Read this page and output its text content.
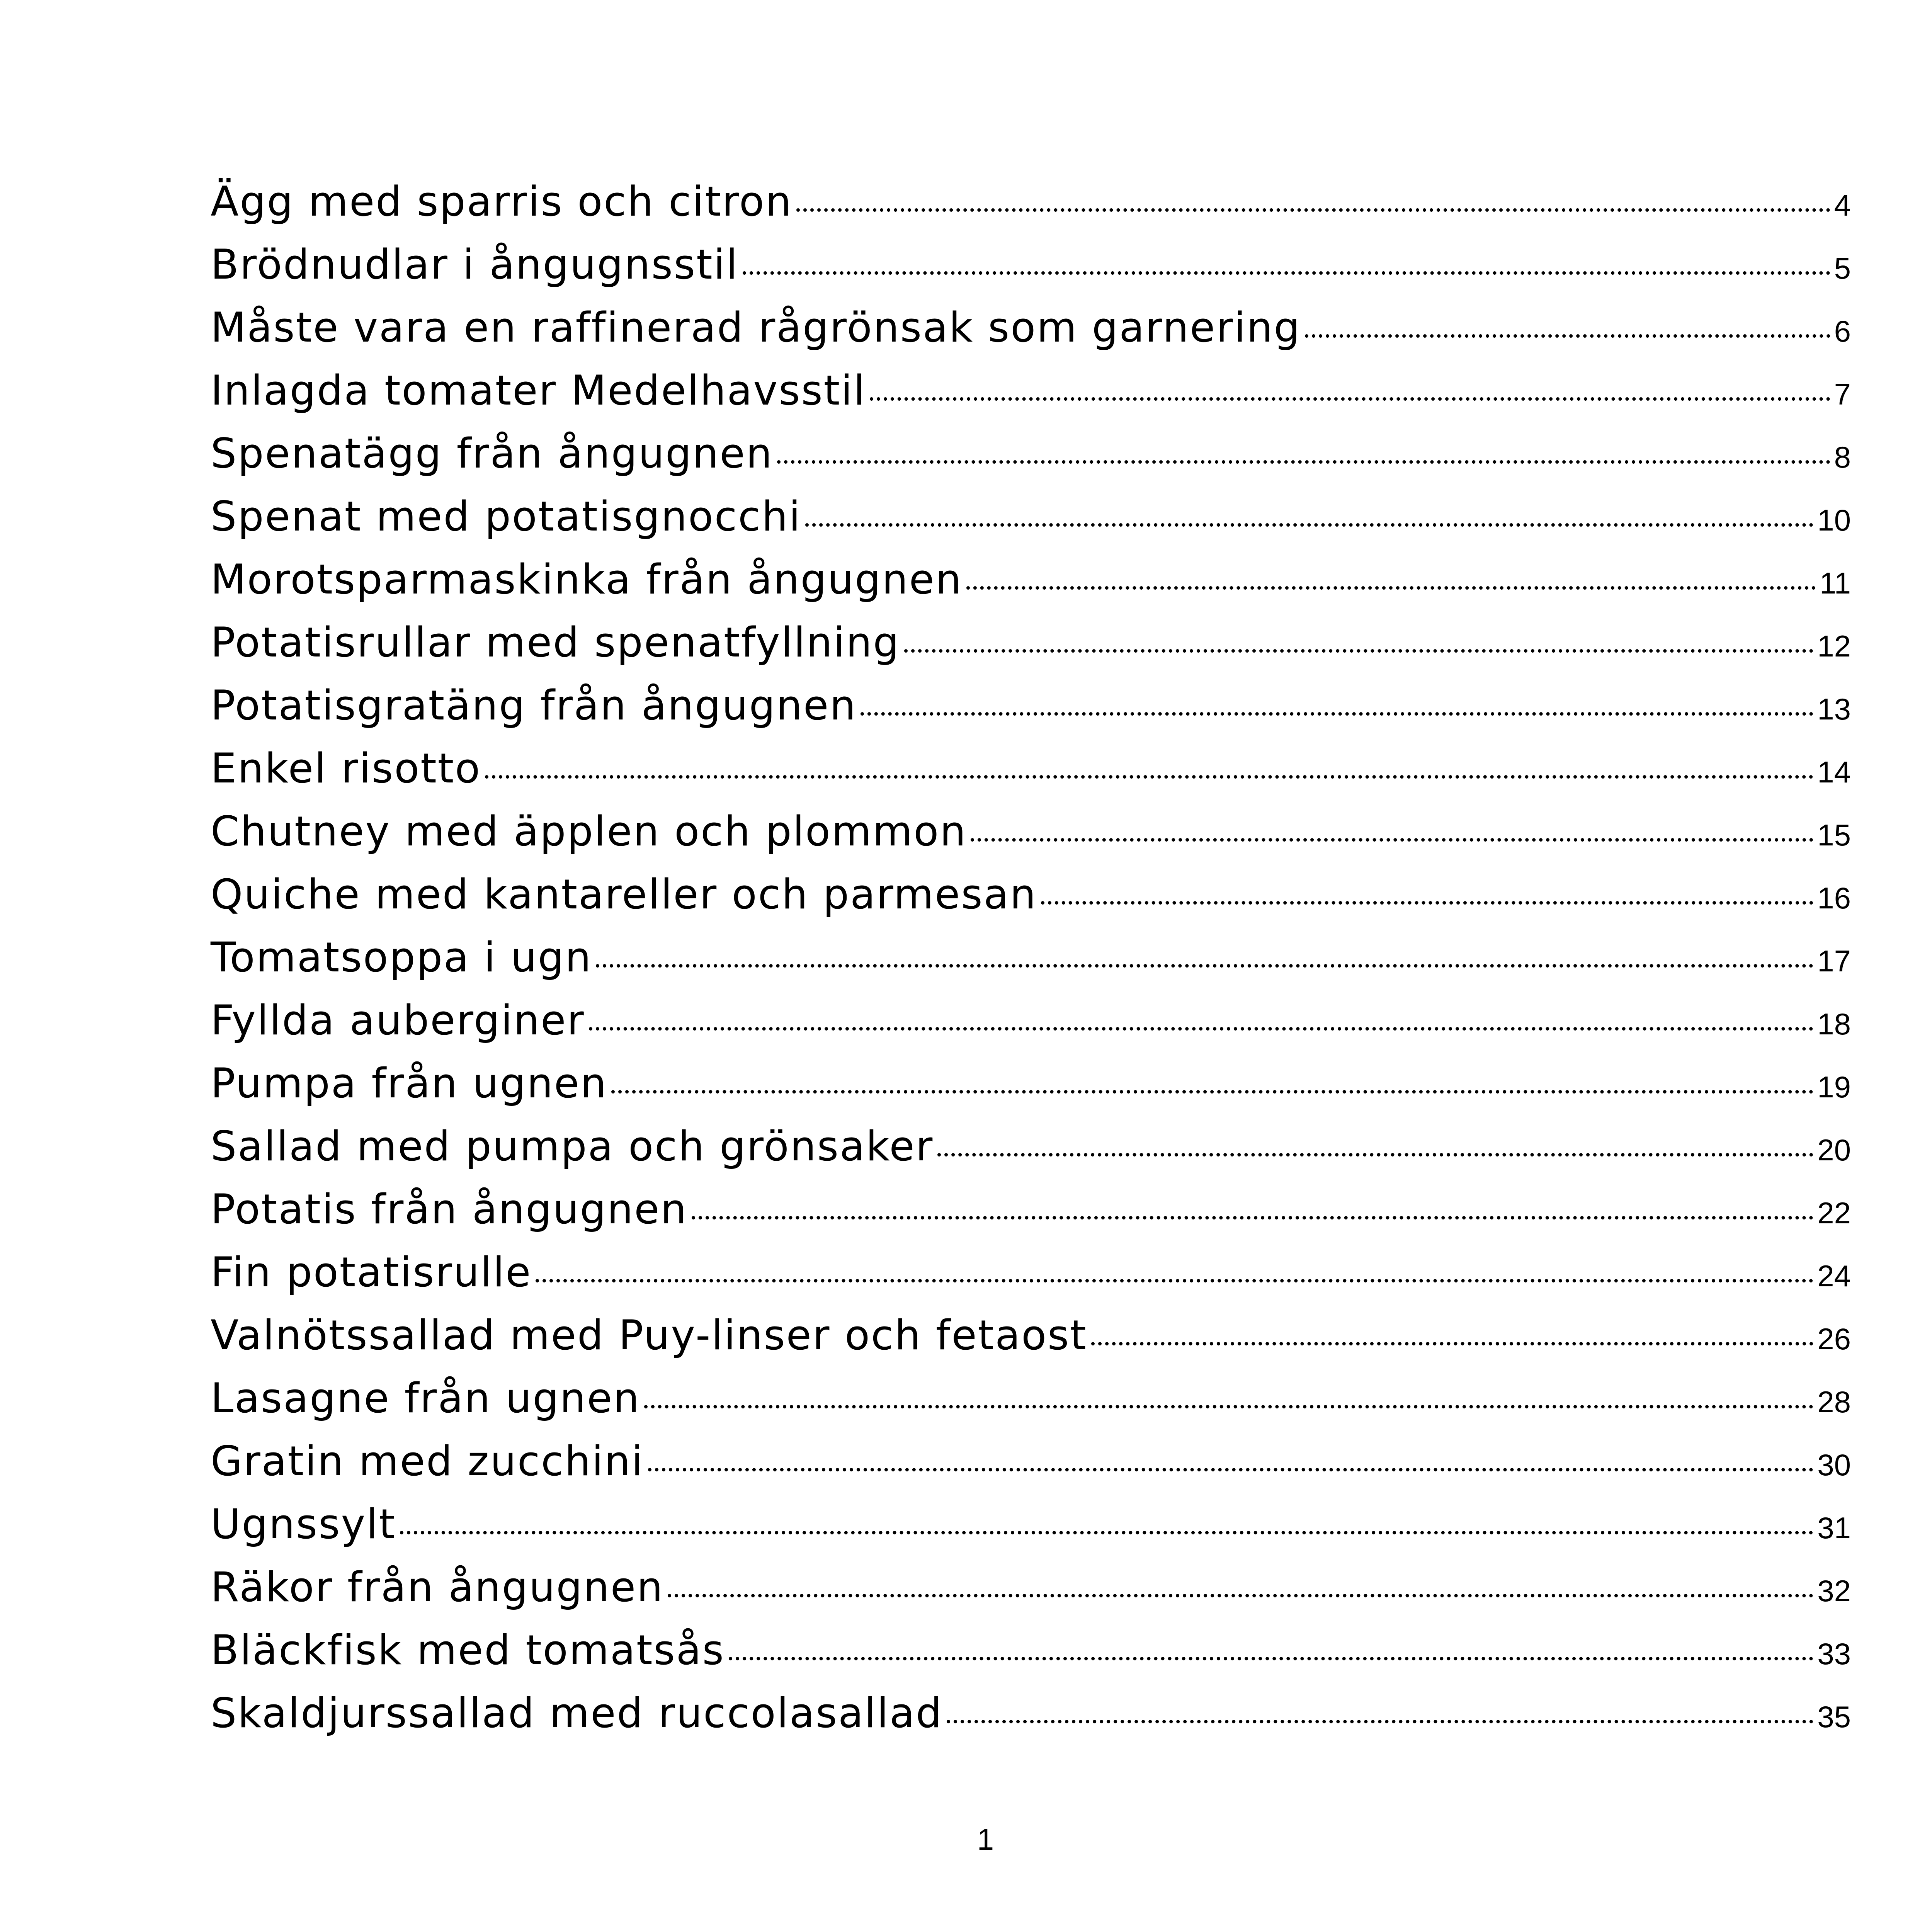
Ägg med sparris och citron	4
Brödnudlar i ångugnsstil	5
Måste vara en raffinerad rågrönsak som garnering	6
Inlagda tomater Medelhavsstil	7
Spenatägg från ångugnen	8
Spenat med potatisgnocchi	10
Morotsparmaskinka från ångugnen	11
Potatisrullar med spenatfyllning	12
Potatisgratäng från ångugnen	13
Enkel risotto	14
Chutney med äpplen och plommon	15
Quiche med kantareller och parmesan	16
Tomatsoppa i ugn	17
Fyllda auberginer	18
Pumpa från ugnen	19
Sallad med pumpa och grönsaker	20
Potatis från ångugnen	22
Fin potatisrulle	24
Valnötssallad med Puy-linser och fetaost	26
Lasagne från ugnen	28
Gratin med zucchini	30
Ugnssylt	31
Räkor från ångugnen	32
Bläckfisk med tomatsås	33
Skaldjurssallad med ruccolasallad	35
1
